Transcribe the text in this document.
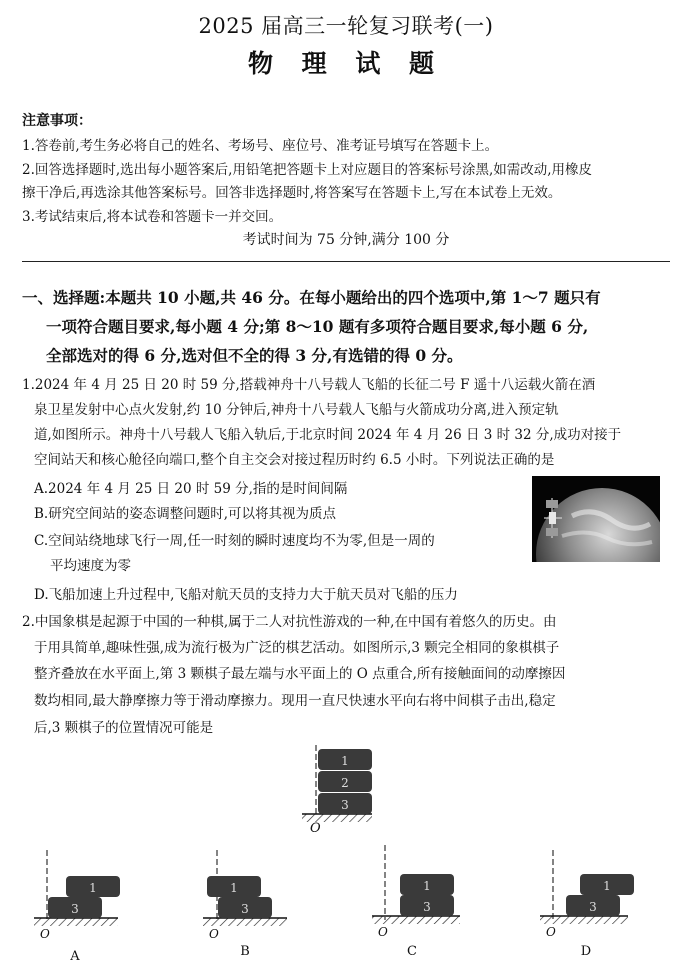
2025 届高三一轮复习联考(一)
物 理 试 题
注意事项：
1.答卷前,考生务必将自己的姓名、考场号、座位号、准考证号填写在答题卡上。
2.回答选择题时,选出每小题答案后,用铅笔把答题卡上对应题目的答案标号涂黑,如需改动,用橡皮
擦干净后,再选涂其他答案标号。回答非选择题时,将答案写在答题卡上,写在本试卷上无效。
3.考试结束后,将本试卷和答题卡一并交回。
考试时间为 75 分钟,满分 100 分
一、选择题:本题共 10 小题,共 46 分。在每小题给出的四个选项中,第 1～7 题只有
一项符合题目要求,每小题 4 分;第 8～10 题有多项符合题目要求,每小题 6 分,
全部选对的得 6 分,选对但不全的得 3 分,有选错的得 0 分。
1.2024 年 4 月 25 日 20 时 59 分,搭载神舟十八号载人飞船的长征二号 F 遥十八运载火箭在酒
泉卫星发射中心点火发射,约 10 分钟后,神舟十八号载人飞船与火箭成功分离,进入预定轨
道,如图所示。神舟十八号载人飞船入轨后,于北京时间 2024 年 4 月 26 日 3 时 32 分,成功对接于
空间站天和核心舱径向端口,整个自主交会对接过程历时约 6.5 小时。下列说法正确的是
A.2024 年 4 月 25 日 20 时 59 分,指的是时间间隔
B.研究空间站的姿态调整问题时,可以将其视为质点
C.空间站绕地球飞行一周,任一时刻的瞬时速度均不为零,但是一周的
平均速度为零
D.飞船加速上升过程中,飞船对航天员的支持力大于航天员对飞船的压力
2.中国象棋是起源于中国的一种棋,属于二人对抗性游戏的一种,在中国有着悠久的历史。由
于用具简单,趣味性强,成为流行极为广泛的棋艺活动。如图所示,3 颗完全相同的象棋棋子
整齐叠放在水平面上,第 3 颗棋子最左端与水平面上的 O 点重合,所有接触面间的动摩擦因
数均相同,最大静摩擦力等于滑动摩擦力。现用一直尺快速水平向右将中间棋子击出,稳定
后,3 颗棋子的位置情况可能是
1
2
3
O
1
3
O
A
1
3
O
B
1
3
O
C
1
3
O
D
